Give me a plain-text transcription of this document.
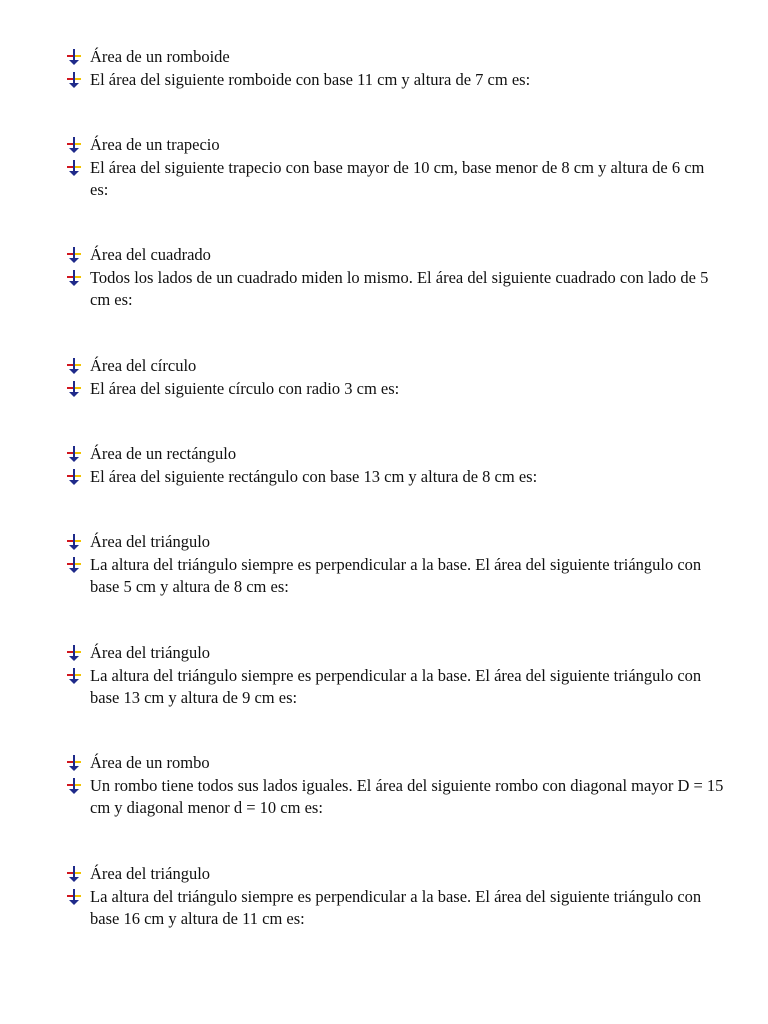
Área de un romboide
El área del siguiente romboide con base 11 cm y altura de 7 cm es:
Área de un trapecio
El área del siguiente trapecio con base mayor de 10 cm, base menor de 8 cm y altura de 6 cm es:
Área del cuadrado
Todos los lados de un cuadrado miden lo mismo. El área del siguiente cuadrado con lado de 5 cm es:
Área del círculo
El área del siguiente círculo con radio 3 cm es:
Área de un rectángulo
El área del siguiente rectángulo con base 13 cm y altura de 8 cm es:
Área del triángulo
La altura del triángulo siempre es perpendicular a la base. El área del siguiente triángulo con base 5 cm y altura de 8 cm es:
Área del triángulo
La altura del triángulo siempre es perpendicular a la base. El área del siguiente triángulo con base 13 cm y altura de 9 cm es:
Área de un rombo
Un rombo tiene todos sus lados iguales. El área del siguiente rombo con diagonal mayor D = 15 cm y diagonal menor d = 10 cm es:
Área del triángulo
La altura del triángulo siempre es perpendicular a la base. El área del siguiente triángulo con base 16 cm y altura de 11 cm es:
